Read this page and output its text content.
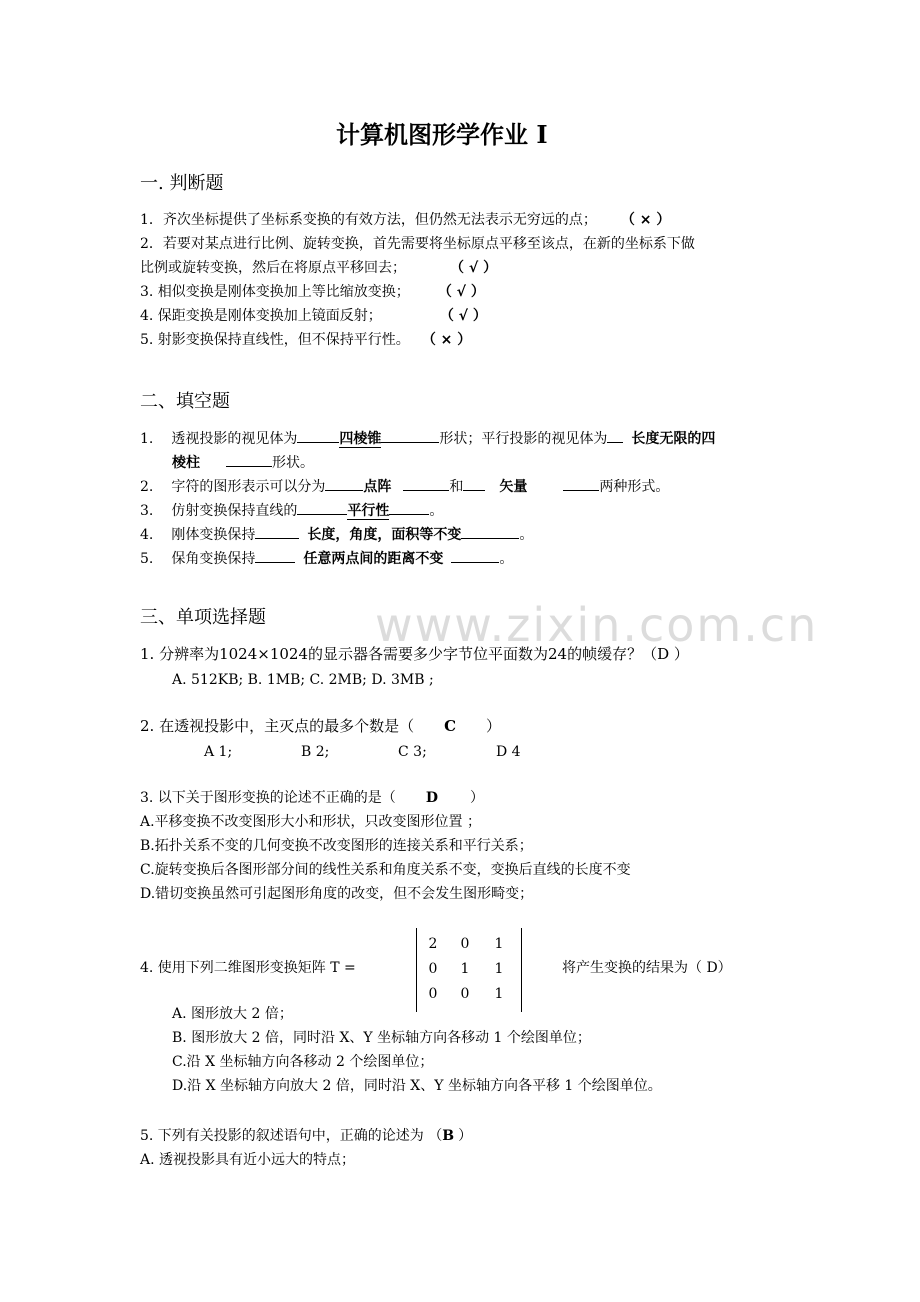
www.zixin.com.cn
计算机图形学作业 I
一. 判断题
1．齐次坐标提供了坐标系变换的有效方法，但仍然无法表示无穷远的点； （ × ）
2．若要对某点进行比例、旋转变换，首先需要将坐标原点平移至该点，在新的坐标系下做
比例或旋转变换，然后在将原点平移回去；	（ √ ）
3. 相似变换是刚体变换加上等比缩放变换； （ √ ）
4. 保距变换是刚体变换加上镜面反射；	（ √ ）
5. 射影变换保持直线性，但不保持平行性。 （ × ）
二、填空题
1. 透视投影的视见体为	四棱锥	形状；平行投影的视见体为 长度无限的四
棱柱	形状。
2. 字符的图形表示可以分为	点阵	和	矢量	两种形式。
3. 仿射变换保持直线的	平行性	。
4. 刚体变换保持	长度，角度，面积等不变	。
5. 保角变换保持	任意两点间的距离不变	。
三、单项选择题
1. 分辨率为1024×1024的显示器各需要多少字节位平面数为24的帧缓存？（D ）
A. 512KB; B. 1MB; C. 2MB; D. 3MB ;
2. 在透视投影中，主灭点的最多个数是（ C ）
A 1;	B 2;	C 3;	D 4
3. 以下关于图形变换的论述不正确的是（ D ）
A.平移变换不改变图形大小和形状，只改变图形位置 ；
B.拓扑关系不变的几何变换不改变图形的连接关系和平行关系；
C.旋转变换后各图形部分间的线性关系和角度关系不变，变换后直线的长度不变
D.错切变换虽然可引起图形角度的改变，但不会发生图形畸变；
4. 使用下列二维图形变换矩阵 T =
2	0	1
0	1	1
0	0	1
将产生变换的结果为（ D）
A. 图形放大 2 倍；
B. 图形放大 2 倍，同时沿 X、Y 坐标轴方向各移动 1 个绘图单位；
C.沿 X 坐标轴方向各移动 2 个绘图单位；
D.沿 X 坐标轴方向放大 2 倍，同时沿 X、Y 坐标轴方向各平移 1 个绘图单位。
5. 下列有关投影的叙述语句中，正确的论述为 （B ）
A. 透视投影具有近小远大的特点；
